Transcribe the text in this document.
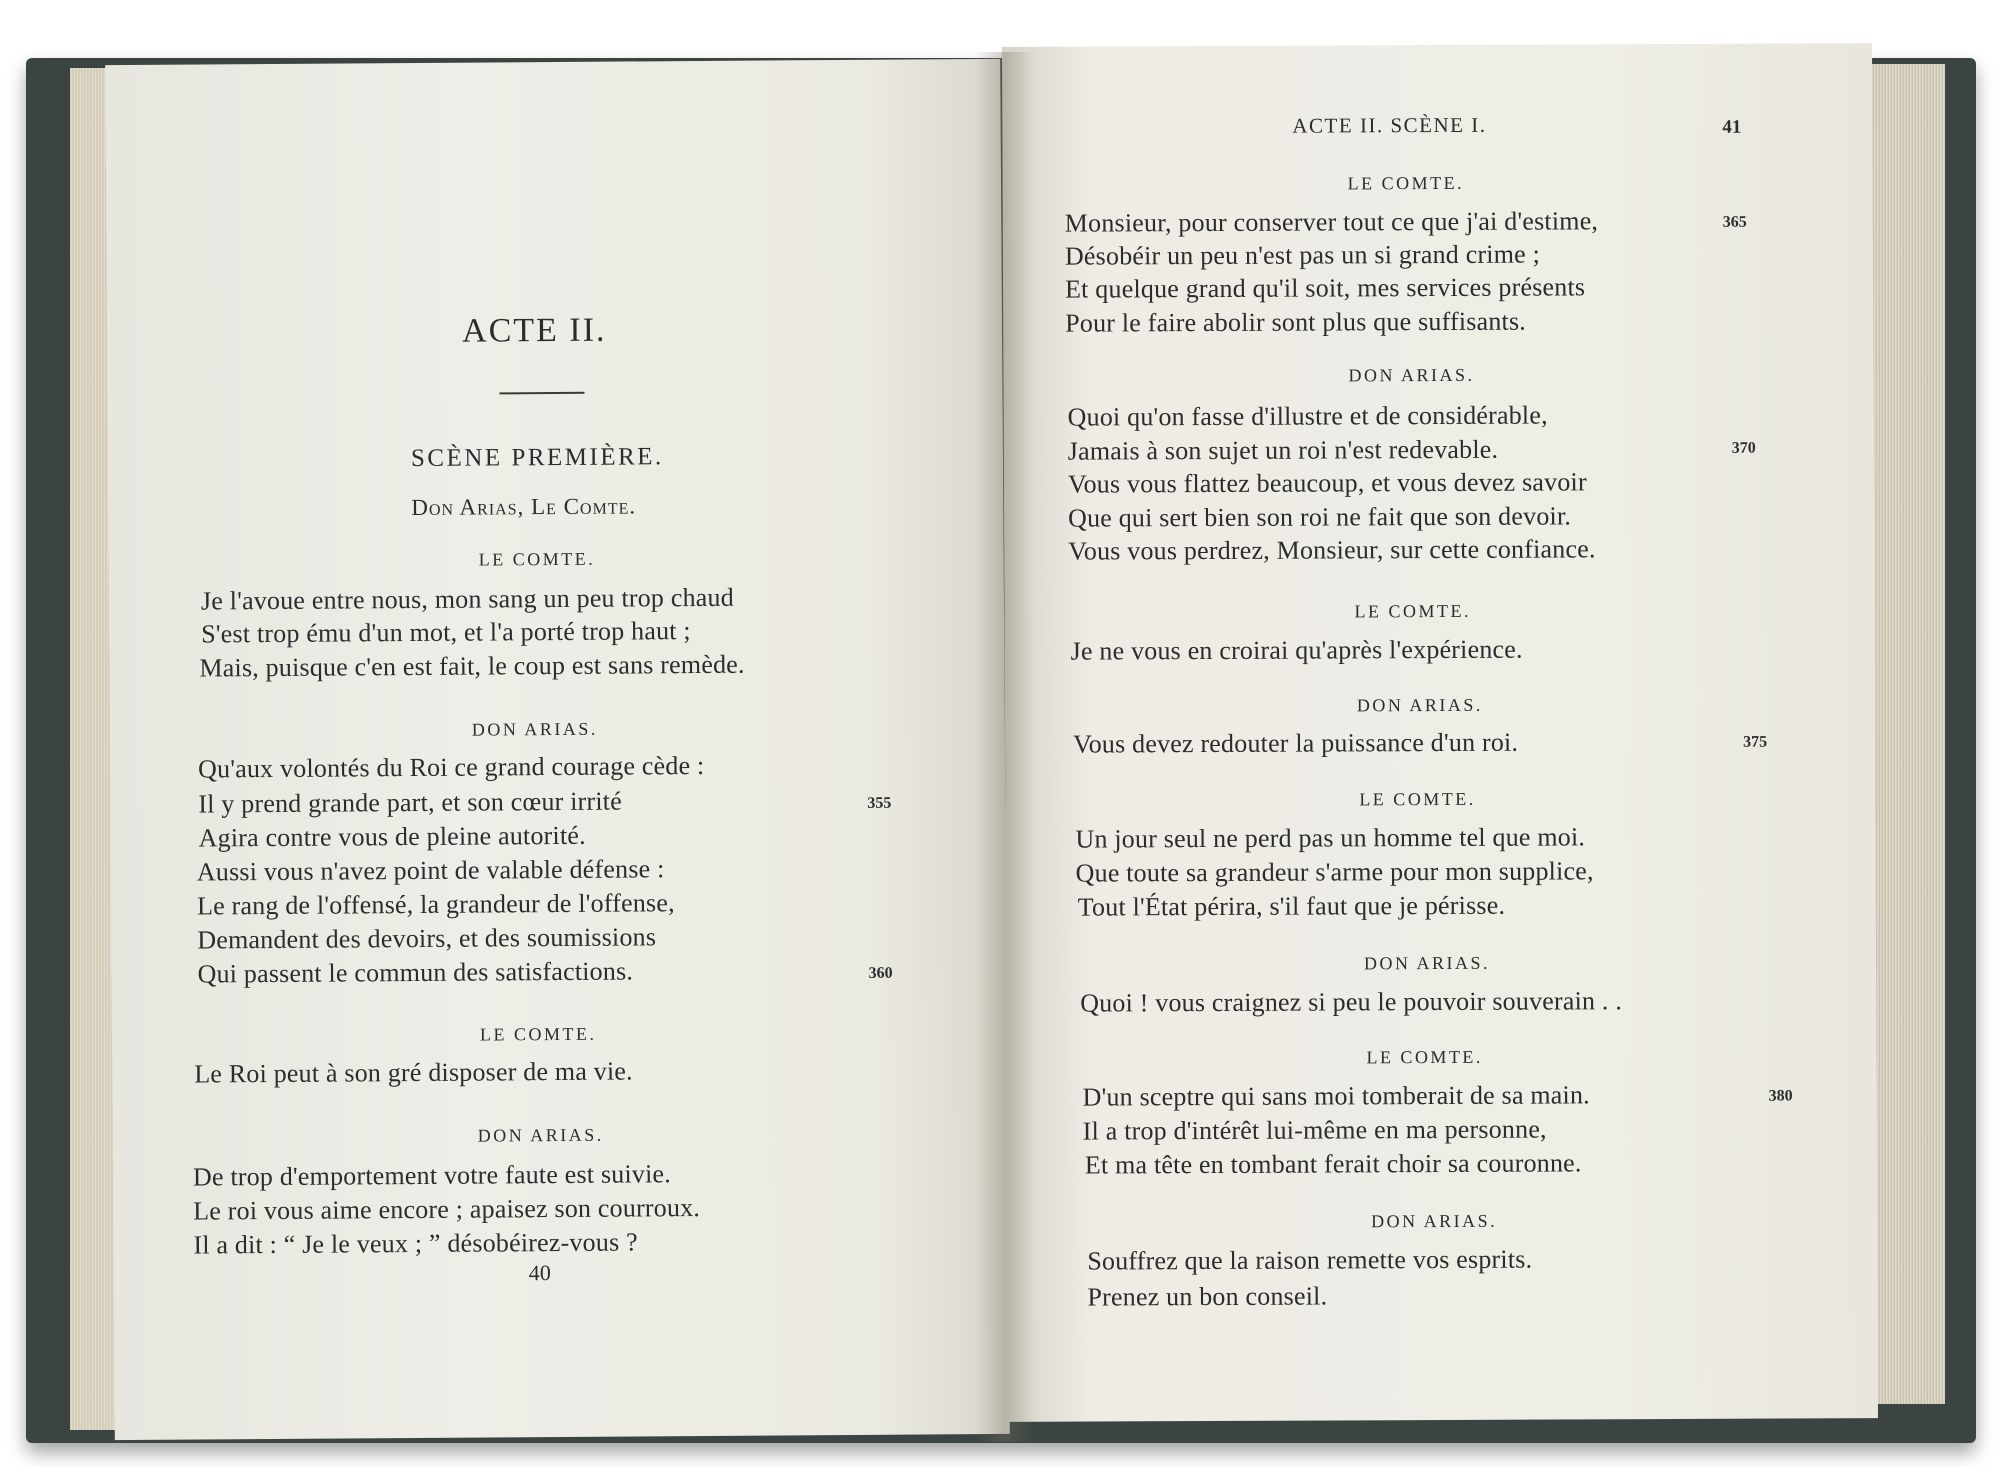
ACTE II.
SCÈNE PREMIÈRE.
Don Arias, Le Comte.
LE COMTE.
Je l'avoue entre nous, mon sang un peu trop chaud
S'est trop ému d'un mot, et l'a porté trop haut ;
Mais, puisque c'en est fait, le coup est sans remède.
DON ARIAS.
Qu'aux volontés du Roi ce grand courage cède :
Il y prend grande part, et son cœur irrité
Agira contre vous de pleine autorité.
Aussi vous n'avez point de valable défense :
Le rang de l'offensé, la grandeur de l'offense,
Demandent des devoirs, et des soumissions
Qui passent le commun des satisfactions.
355
360
LE COMTE.
Le Roi peut à son gré disposer de ma vie.
DON ARIAS.
De trop d'emportement votre faute est suivie.
Le roi vous aime encore ; apaisez son courroux.
Il a dit : “ Je le veux ; ” désobéirez-vous ?
40
ACTE II. SCÈNE I.	41
LE COMTE.
Monsieur, pour conserver tout ce que j'ai d'estime,
Désobéir un peu n'est pas un si grand crime ;
Et quelque grand qu'il soit, mes services présents
Pour le faire abolir sont plus que suffisants.
365
DON ARIAS.
Quoi qu'on fasse d'illustre et de considérable,
Jamais à son sujet un roi n'est redevable.
Vous vous flattez beaucoup, et vous devez savoir
Que qui sert bien son roi ne fait que son devoir.
Vous vous perdrez, Monsieur, sur cette confiance.
370
LE COMTE.
Je ne vous en croirai qu'après l'expérience.
DON ARIAS.
Vous devez redouter la puissance d'un roi.	375
LE COMTE.
Un jour seul ne perd pas un homme tel que moi.
Que toute sa grandeur s'arme pour mon supplice,
Tout l'État périra, s'il faut que je périsse.
DON ARIAS.
Quoi ! vous craignez si peu le pouvoir souverain . .
LE COMTE.
D'un sceptre qui sans moi tomberait de sa main.
Il a trop d'intérêt lui-même en ma personne,
Et ma tête en tombant ferait choir sa couronne.
380
DON ARIAS.
Souffrez que la raison remette vos esprits.
Prenez un bon conseil.
